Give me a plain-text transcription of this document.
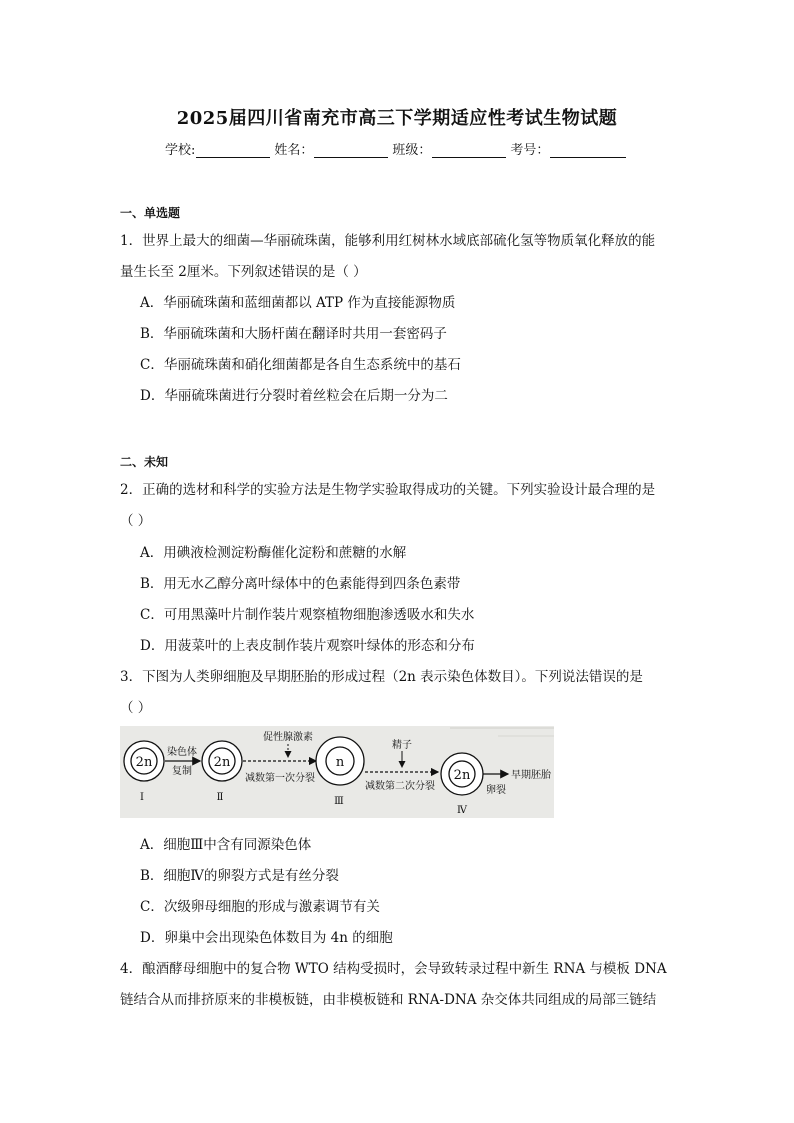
2025届四川省南充市高三下学期适应性考试生物试题
学校:	姓名：	班级：	考号：
一、单选题
1．世界上最大的细菌—华丽硫珠菌，能够利用红树林水域底部硫化氢等物质氧化释放的能
量生长至 2厘米。下列叙述错误的是（ ）
A．华丽硫珠菌和蓝细菌都以 ATP 作为直接能源物质
B．华丽硫珠菌和大肠杆菌在翻译时共用一套密码子
C．华丽硫珠菌和硝化细菌都是各自生态系统中的基石
D．华丽硫珠菌进行分裂时着丝粒会在后期一分为二
二、未知
2．正确的选材和科学的实验方法是生物学实验取得成功的关键。下列实验设计最合理的是
（ ）
A．用碘液检测淀粉酶催化淀粉和蔗糖的水解
B．用无水乙醇分离叶绿体中的色素能得到四条色素带
C．可用黑藻叶片制作装片观察植物细胞渗透吸水和失水
D．用菠菜叶的上表皮制作装片观察叶绿体的形态和分布
3．下图为人类卵细胞及早期胚胎的形成过程（2n 表示染色体数目）。下列说法错误的是
（ ）
2n
Ⅰ
染色体
复制
2n
Ⅱ
促性腺激素
减数第一次分裂
n
Ⅲ
精子
减数第二次分裂
2n
Ⅳ
卵裂
早期胚胎
A．细胞Ⅲ中含有同源染色体
B．细胞Ⅳ的卵裂方式是有丝分裂
C．次级卵母细胞的形成与激素调节有关
D．卵巢中会出现染色体数目为 4n 的细胞
4．酿酒酵母细胞中的复合物 WTO 结构受损时，会导致转录过程中新生 RNA 与模板 DNA
链结合从而排挤原来的非模板链，由非模板链和 RNA-DNA 杂交体共同组成的局部三链结
